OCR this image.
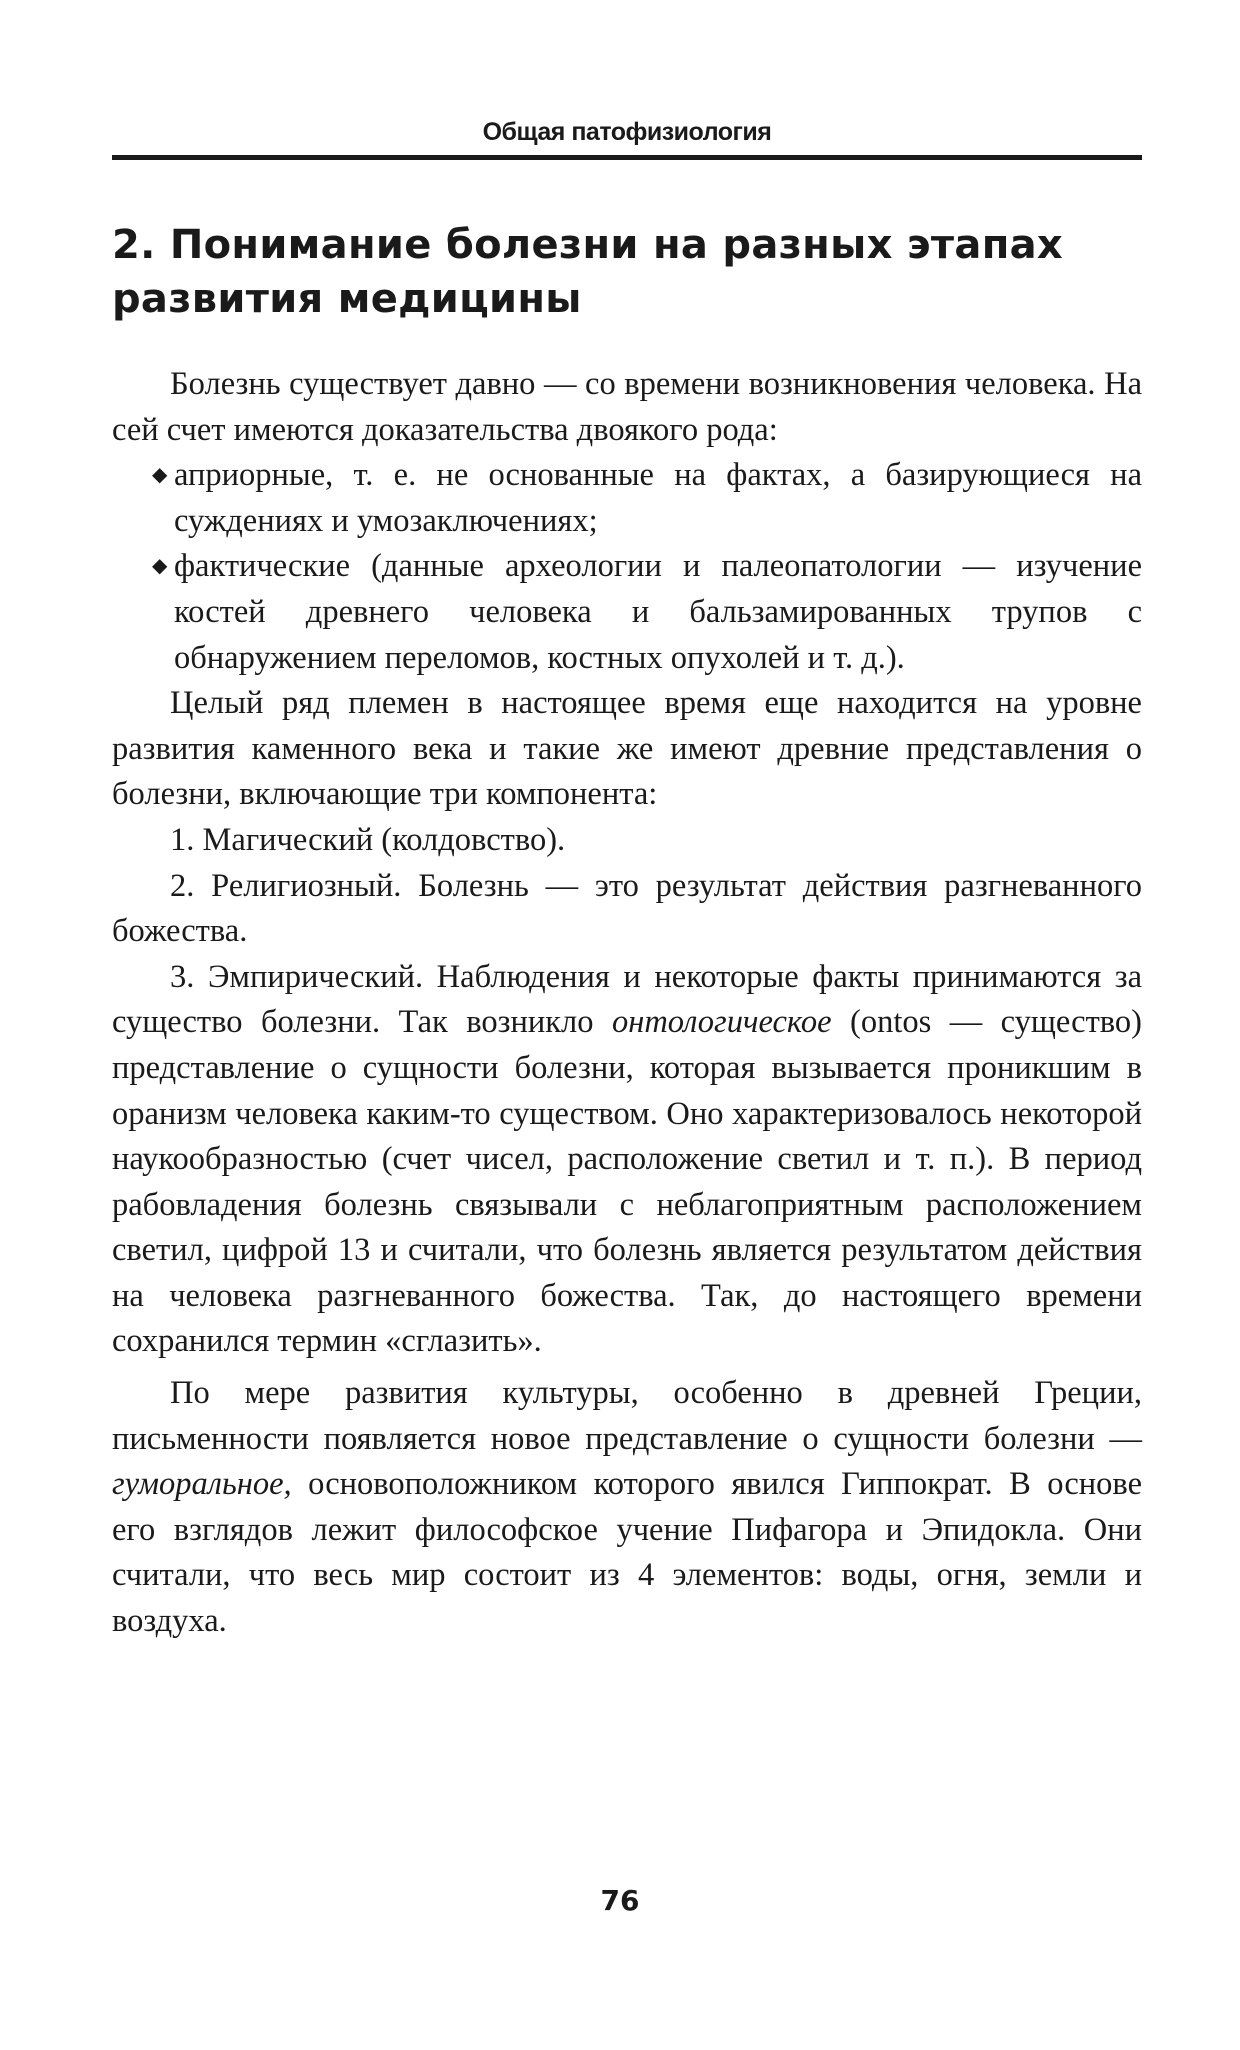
Общая патофизиология
2. Понимание болезни на разных этапах развития медицины

Болезнь существует давно — со времени возникновения человека. На сей счет имеются доказательства двоякого рода:

◆ априорные, т. е. не основанные на фактах, а базирующиеся на суждениях и умозаключениях;
◆ фактические (данные археологии и палеопатологии — изучение костей древнего человека и бальзамированных трупов с обнаружением переломов, костных опухолей и т. д.).

Целый ряд племен в настоящее время еще находится на уровне развития каменного века и такие же имеют древние представления о болезни, включающие три компонента:

1. Магический (колдовство).

2. Религиозный. Болезнь — это результат действия разгневанного божества.

3. Эмпирический. Наблюдения и некоторые факты принимаются за существо болезни. Так возникло онтологическое (ontos — существо) представление о сущности болезни, которая вызывается проникшим в оранизм человека каким-то существом. Оно характеризовалось некоторой наукообразностью (счет чисел, расположение светил и т. п.). В период рабовладения болезнь связывали с неблагоприятным расположением светил, цифрой 13 и считали, что болезнь является результатом действия на человека разгневанного божества. Так, до настоящего времени сохранился термин «сглазить».

По мере развития культуры, особенно в древней Греции, письменности появляется новое представление о сущности болезни — гуморальное, основоположником которого явился Гиппократ. В основе его взглядов лежит философское учение Пифагора и Эпидокла. Они считали, что весь мир состоит из 4 элементов: воды, огня, земли и воздуха.

76
